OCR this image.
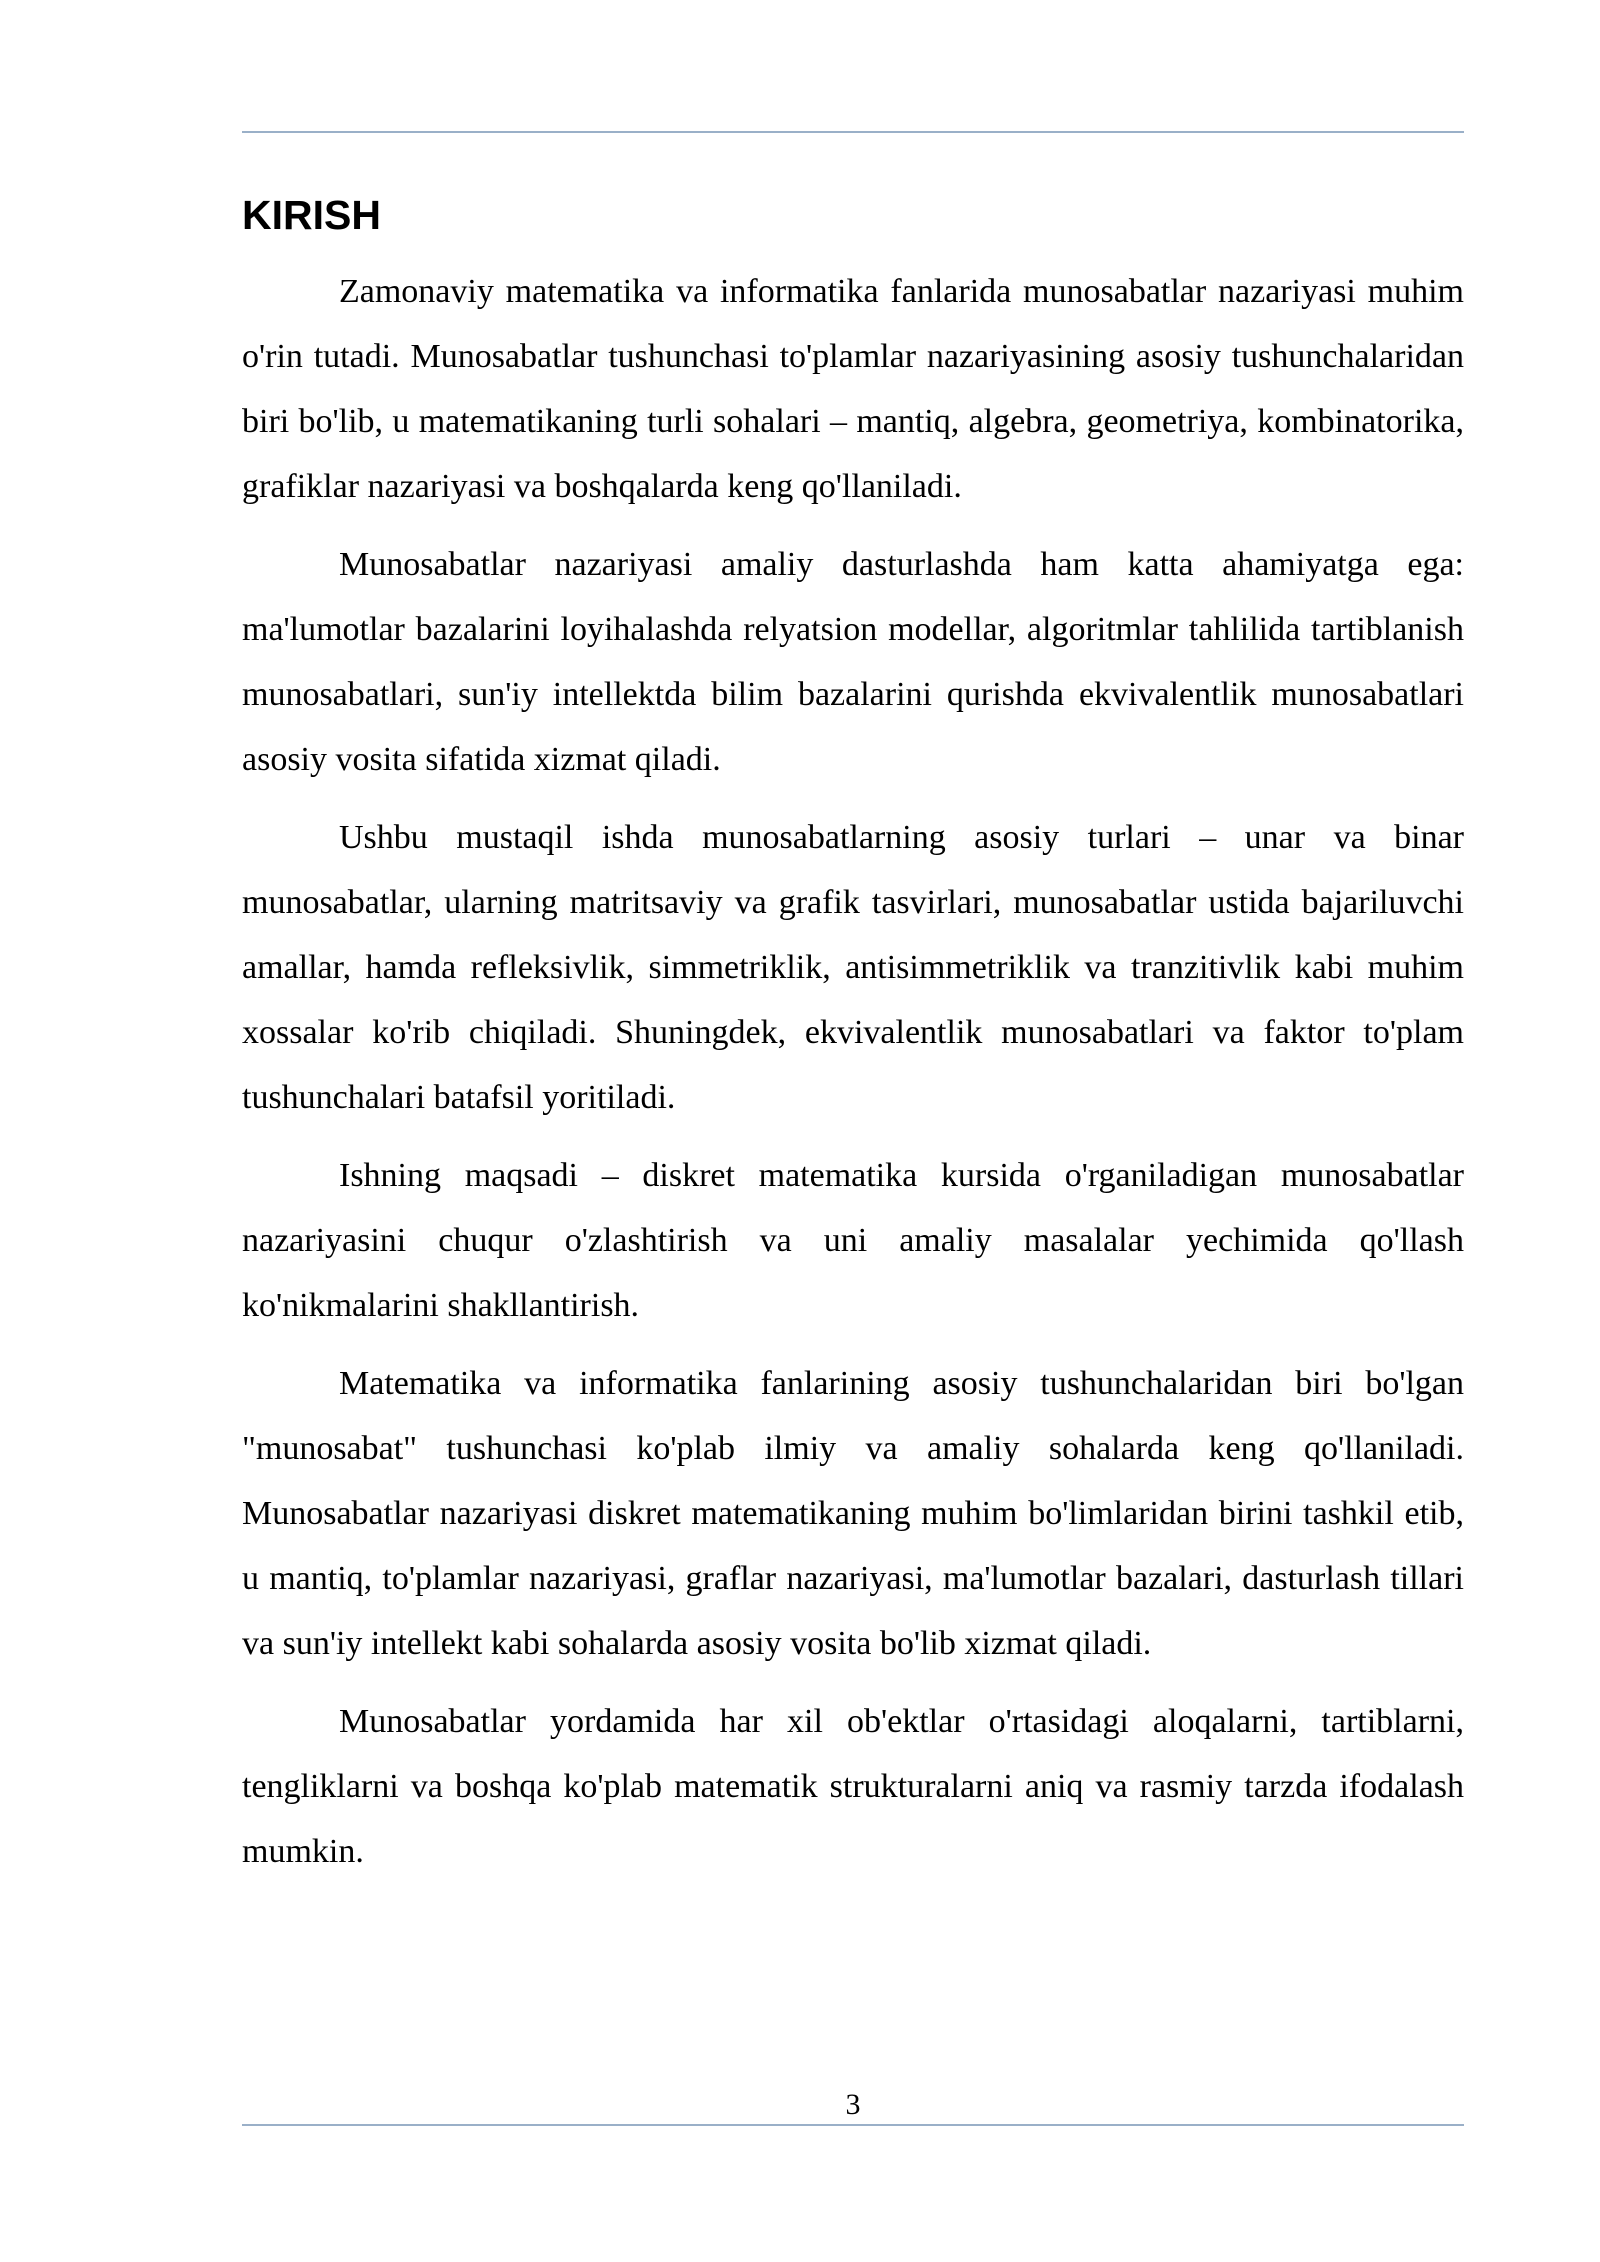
KIRISH

Zamonaviy matematika va informatika fanlarida munosabatlar nazariyasi muhim o'rin tutadi. Munosabatlar tushunchasi to'plamlar nazariyasining asosiy tushunchalaridan biri bo'lib, u matematikaning turli sohalari – mantiq, algebra, geometriya, kombinatorika, grafiklar nazariyasi va boshqalarda keng qo'llaniladi.

Munosabatlar nazariyasi amaliy dasturlashda ham katta ahamiyatga ega: ma'lumotlar bazalarini loyihalashda relyatsion modellar, algoritmlar tahlilida tartiblanish munosabatlari, sun'iy intellektda bilim bazalarini qurishda ekvivalentlik munosabatlari asosiy vosita sifatida xizmat qiladi.

Ushbu mustaqil ishda munosabatlarning asosiy turlari – unar va binar munosabatlar, ularning matritsaviy va grafik tasvirlari, munosabatlar ustida bajariluvchi amallar, hamda refleksivlik, simmetriklik, antisimmetriklik va tranzitivlik kabi muhim xossalar ko'rib chiqiladi. Shuningdek, ekvivalentlik munosabatlari va faktor to'plam tushunchalari batafsil yoritiladi.

Ishning maqsadi – diskret matematika kursida o'rganiladigan munosabatlar nazariyasini chuqur o'zlashtirish va uni amaliy masalalar yechimida qo'llash ko'nikmalarini shakllantirish.

Matematika va informatika fanlarining asosiy tushunchalaridan biri bo'lgan "munosabat" tushunchasi ko'plab ilmiy va amaliy sohalarda keng qo'llaniladi. Munosabatlar nazariyasi diskret matematikaning muhim bo'limlaridan birini tashkil etib, u mantiq, to'plamlar nazariyasi, graflar nazariyasi, ma'lumotlar bazalari, dasturlash tillari va sun'iy intellekt kabi sohalarda asosiy vosita bo'lib xizmat qiladi.

Munosabatlar yordamida har xil ob'ektlar o'rtasidagi aloqalarni, tartiblarni, tengliklarni va boshqa ko'plab matematik strukturalarni aniq va rasmiy tarzda ifodalash mumkin.

3
